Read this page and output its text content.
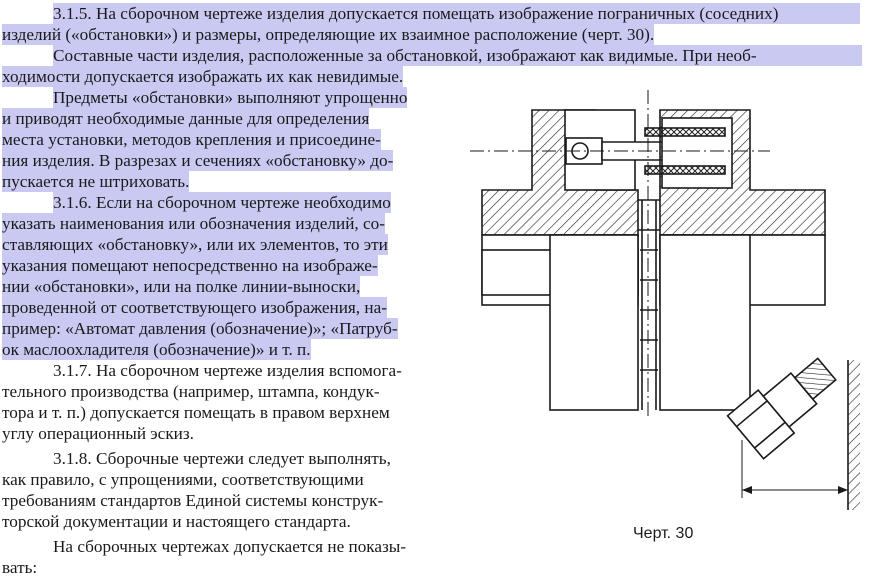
3.1.5. На сборочном чертеже изделия допускается помещать изображение пограничных (соседних)
изделий («обстановки») и размеры, определяющие их взаимное расположение (черт. 30).
Составные части изделия, расположенные за обстановкой, изображают как видимые. При необ-
ходимости допускается изображать их как невидимые.
Предметы «обстановки» выполняют упрощенно
и приводят необходимые данные для определения
места установки, методов крепления и присоедине-
ния изделия. В разрезах и сечениях «обстановку» до-
пускается не штриховать.
3.1.6. Если на сборочном чертеже необходимо
указать наименования или обозначения изделий, со-
ставляющих «обстановку», или их элементов, то эти
указания помещают непосредственно на изображе-
нии «обстановки», или на полке линии-выноски,
проведенной от соответствующего изображения, на-
пример: «Автомат давления (обозначение)»; «Патруб-
ок маслоохладителя (обозначение)» и т. п.
3.1.7. На сборочном чертеже изделия вспомога-
тельного производства (например, штампа, кондук-
тора и т. п.) допускается помещать в правом верхнем
углу операционный эскиз.
3.1.8. Сборочные чертежи следует выполнять,
как правило, с упрощениями, соответствующими
требованиям стандартов Единой системы конструк-
торской документации и настоящего стандарта.
На сборочных чертежах допускается не показы-
вать:
Черт. 30
